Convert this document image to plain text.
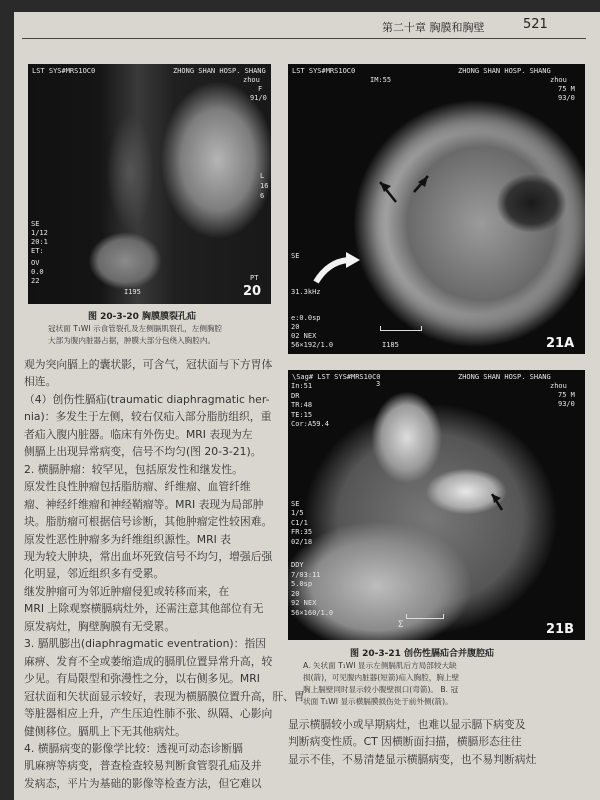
第二十章 胸膜和胸壁	521
LST SYS#MRS1OC0	ZHONG SHAN HOSP. SHANG
zhou
F
91/0
L
16
6
SE
1/12
20:1
ET:
OV
0.0
22
I195
PT
20
图 20-3-20 胸膜膜裂孔疝
冠状面 T₁WI 示食管裂孔及左侧膈肌裂孔，左侧胸腔
大部为腹内脏器占据，肿膜大部分包绕入胸腔内。
LST SYS#MRS1OC0	ZHONG SHAN HOSP. SHANG
zhou
75 M
93/0
IM:55
SE
31.3kHz
e:0.0sp
20
02 NEX
56×192/1.0	I185	21A
\Sag# LST SYS#MRS10C0	ZHONG SHAN HOSP. SHANG
zhou
75 M
93/0
3
In:51
DR
TR:48
TE:15
Cor:A59.4
SE
1/5
C1/1
FR:35
02/18
DDY
7/03:11
5.0sp
20
92 NEX
56×160/1.0
Σ	21B
图 20-3-21 创伤性膈疝合并腹腔疝
A. 矢状面 T₁WI 显示左侧膈肌后方局部较大缺
损(箭)，可见腹内脏器(短箭)疝入胸腔，胸上壁
胸上膈壁同时显示较小腹壁损口(弯箭)。 B. 冠
状面 T₁WI 显示横膈膜损伤处于前外侧(箭)。
观为突向膈上的囊状影，可含气，冠状面与下方胃体
相连。
（4）创伤性膈疝(traumatic diaphragmatic her-
nia)：多发生于左侧，较右仅疝入部分脂肪组织，重
者疝入腹内脏器。临床有外伤史。MRI 表现为左
侧膈上出现异常病变，信号不均匀(图 20-3-21)。
2. 横膈肿瘤：较罕见，包括原发性和继发性。
原发性良性肿瘤包括脂肪瘤、纤维瘤、血管纤维
瘤、神经纤维瘤和神经鞘瘤等。MRI 表现为局部肿
块。脂肪瘤可根据信号诊断，其他肿瘤定性较困难。
原发性恶性肿瘤多为纤维组织源性。MRI 表
现为较大肿块，常出血坏死致信号不均匀，增强后强
化明显，邻近组织多有受累。
继发肿瘤可为邻近肿瘤侵犯或转移而来，在
MRI 上除观察横膈病灶外，还需注意其他部位有无
原发病灶，胸壁胸膜有无受累。
3. 膈肌膨出(diaphragmatic eventration)：指因
麻痹、发育不全或萎缩造成的膈肌位置异常升高，较
少见。有局限型和弥漫性之分，以右侧多见。MRI
冠状面和矢状面显示较好，表现为横膈膜位置升高，肝、胃
等脏器相应上升，产生压迫性肺不张、纵隔、心影向
健侧移位。膈肌上下无其他病灶。
4. 横膈病变的影像学比较：透视可动态诊断膈
肌麻痹等病变，普查检查较易判断食管裂孔疝及并
发病态，平片为基础的影像等检查方法，但它难以
显示横膈较小或早期病灶，也难以显示膈下病变及
判断病变性质。CT 因横断面扫描，横膈形态往往
显示不佳，不易清楚显示横膈病变，也不易判断病灶
